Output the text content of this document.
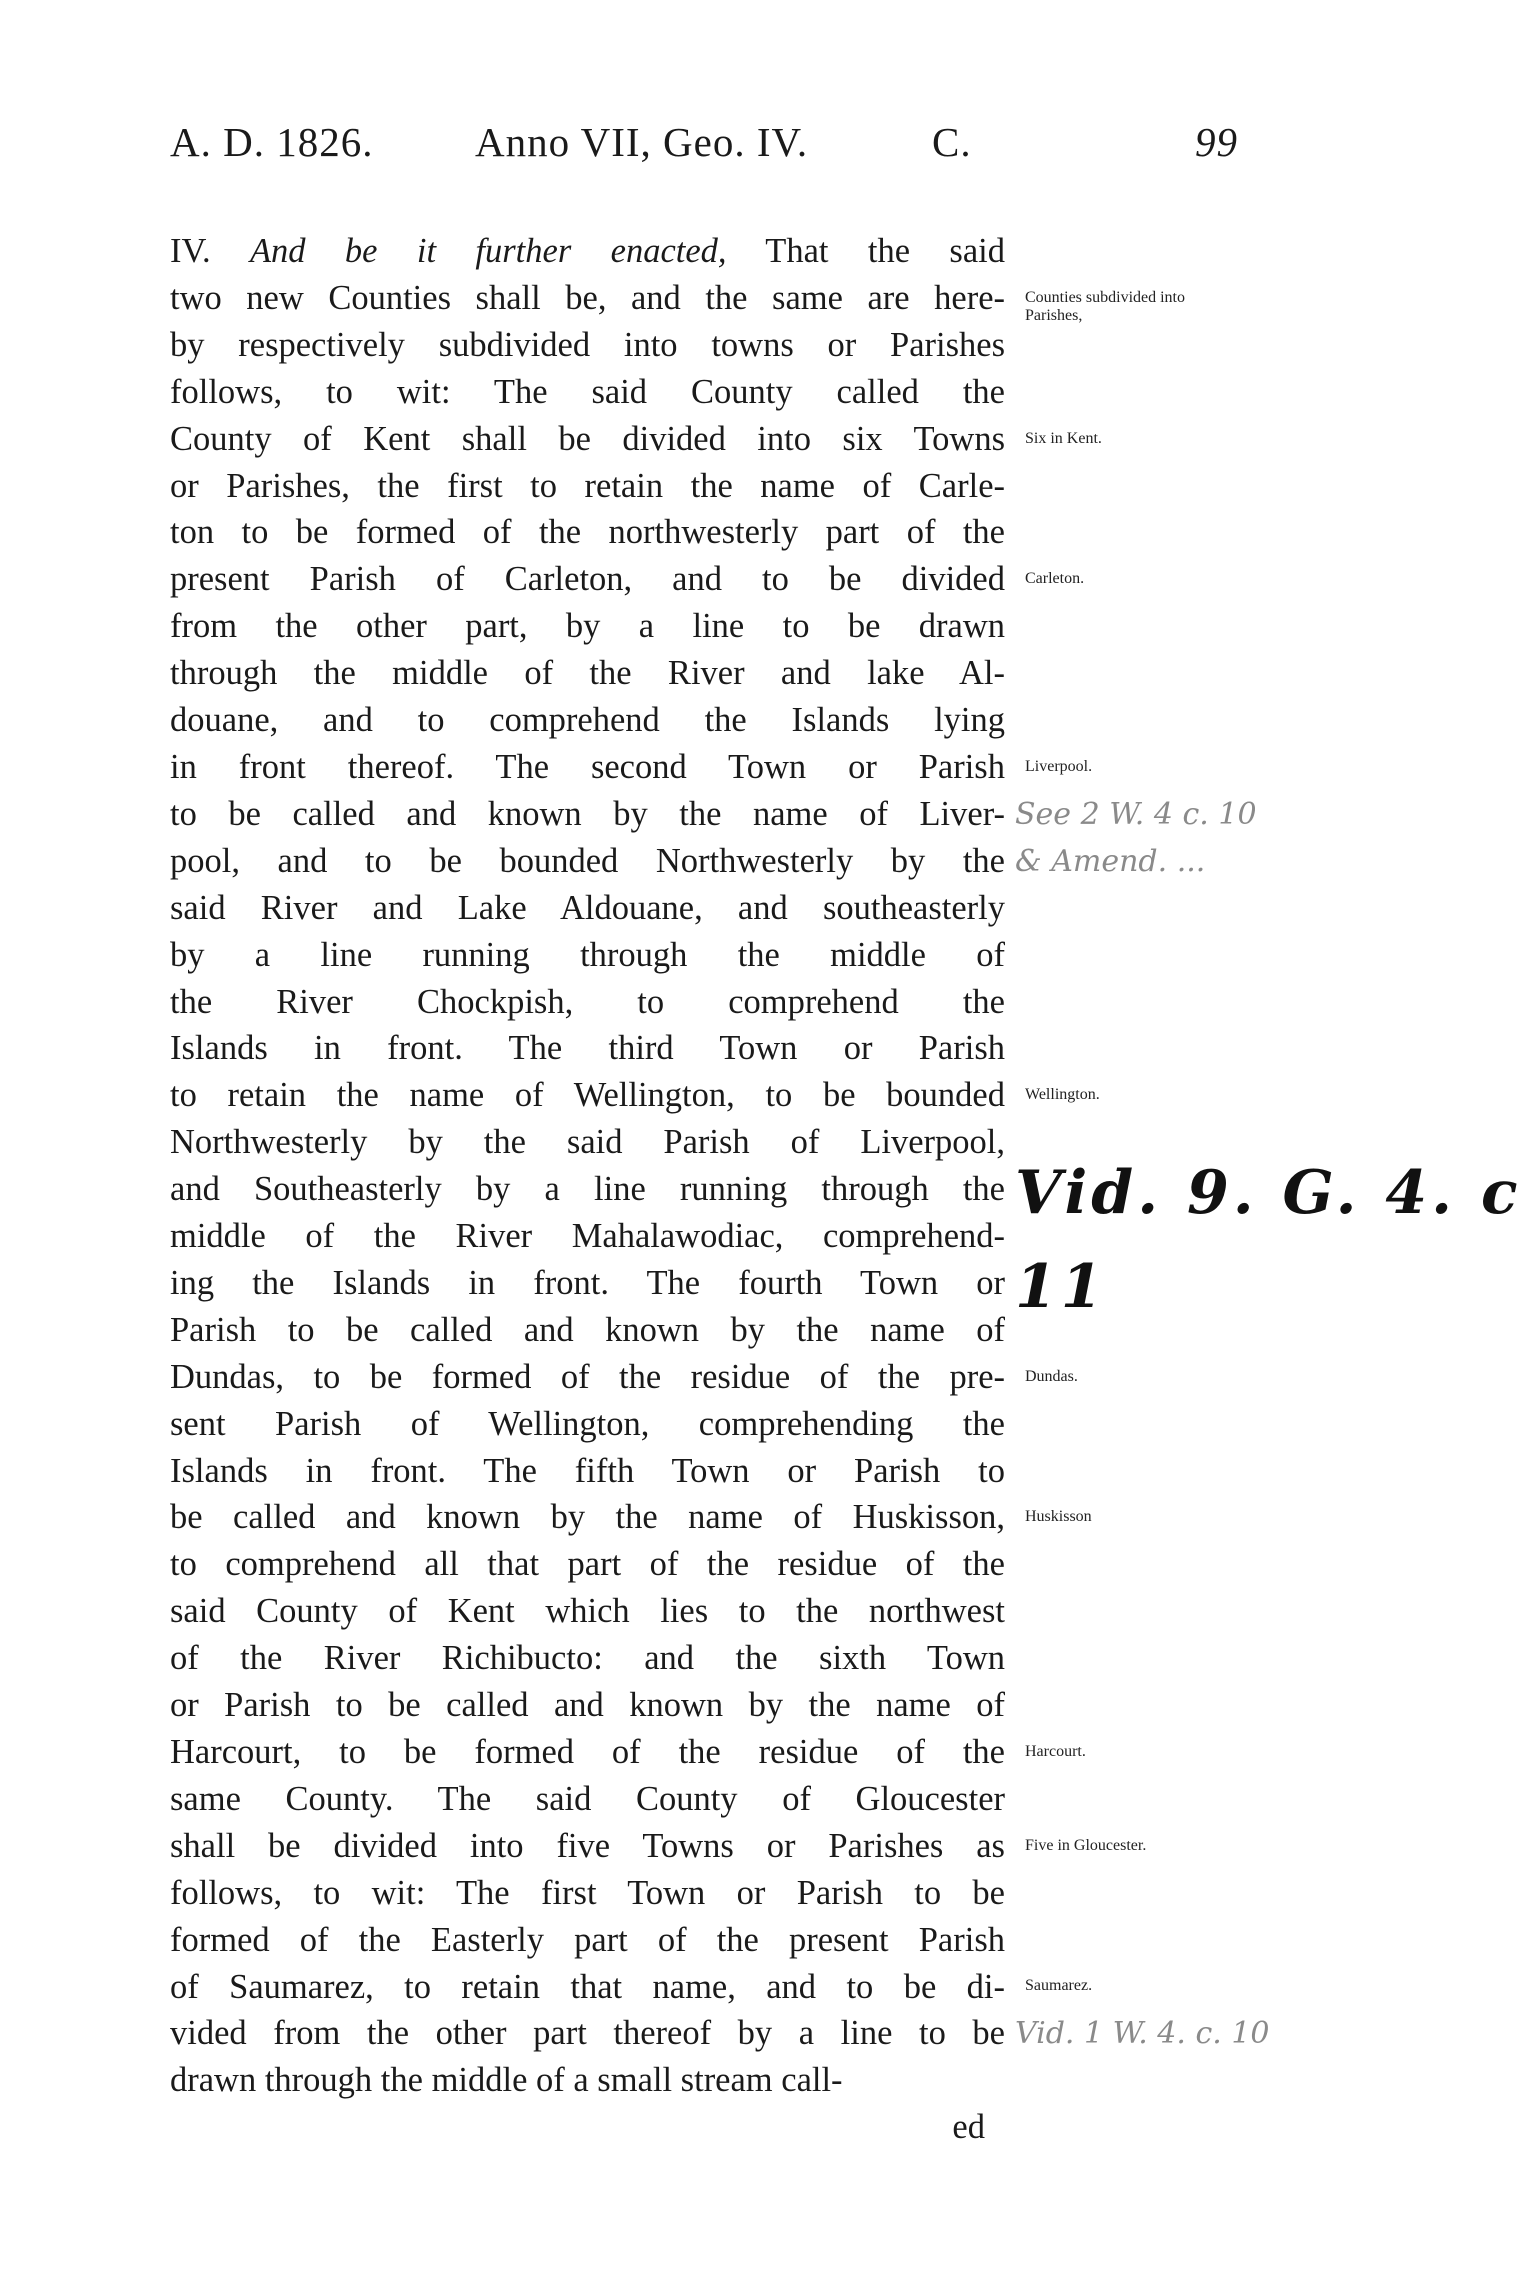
A. D. 1826. Anno VII, Geo. IV.	C.	99
IV. And be it further enacted, That the said
two new Counties shall be, and the same are here-
by respectively subdivided into towns or Parishes
follows, to wit: The said County called the
County of Kent shall be divided into six Towns
or Parishes, the first to retain the name of Carle-
ton to be formed of the northwesterly part of the
present Parish of Carleton, and to be divided
from the other part, by a line to be drawn
through the middle of the River and lake Al-
douane, and to comprehend the Islands lying
in front thereof. The second Town or Parish
to be called and known by the name of Liver-
pool, and to be bounded Northwesterly by the
said River and Lake Aldouane, and southeasterly
by a line running through the middle of
the River Chockpish, to comprehend the
Islands in front. The third Town or Parish
to retain the name of Wellington, to be bounded
Northwesterly by the said Parish of Liverpool,
and Southeasterly by a line running through the
middle of the River Mahalawodiac, comprehend-
ing the Islands in front. The fourth Town or
Parish to be called and known by the name of
Dundas, to be formed of the residue of the pre-
sent Parish of Wellington, comprehending the
Islands in front. The fifth Town or Parish to
be called and known by the name of Huskisson,
to comprehend all that part of the residue of the
said County of Kent which lies to the northwest
of the River Richibucto: and the sixth Town
or Parish to be called and known by the name of
Harcourt, to be formed of the residue of the
same County. The said County of Gloucester
shall be divided into five Towns or Parishes as
follows, to wit: The first Town or Parish to be
formed of the Easterly part of the present Parish
of Saumarez, to retain that name, and to be di-
vided from the other part thereof by a line to be
drawn through the middle of a small stream call-
ed
Counties subdivided into Parishes,
Six in Kent.
Carleton.
Liverpool.
Wellington.
Dundas.
Huskisson
Harcourt.
Five in Gloucester.
Saumarez.
See 2 W. 4 c. 10
& Amend. ...
Vid. 9. G. 4. c
11
Vid. 1 W. 4. c. 10
